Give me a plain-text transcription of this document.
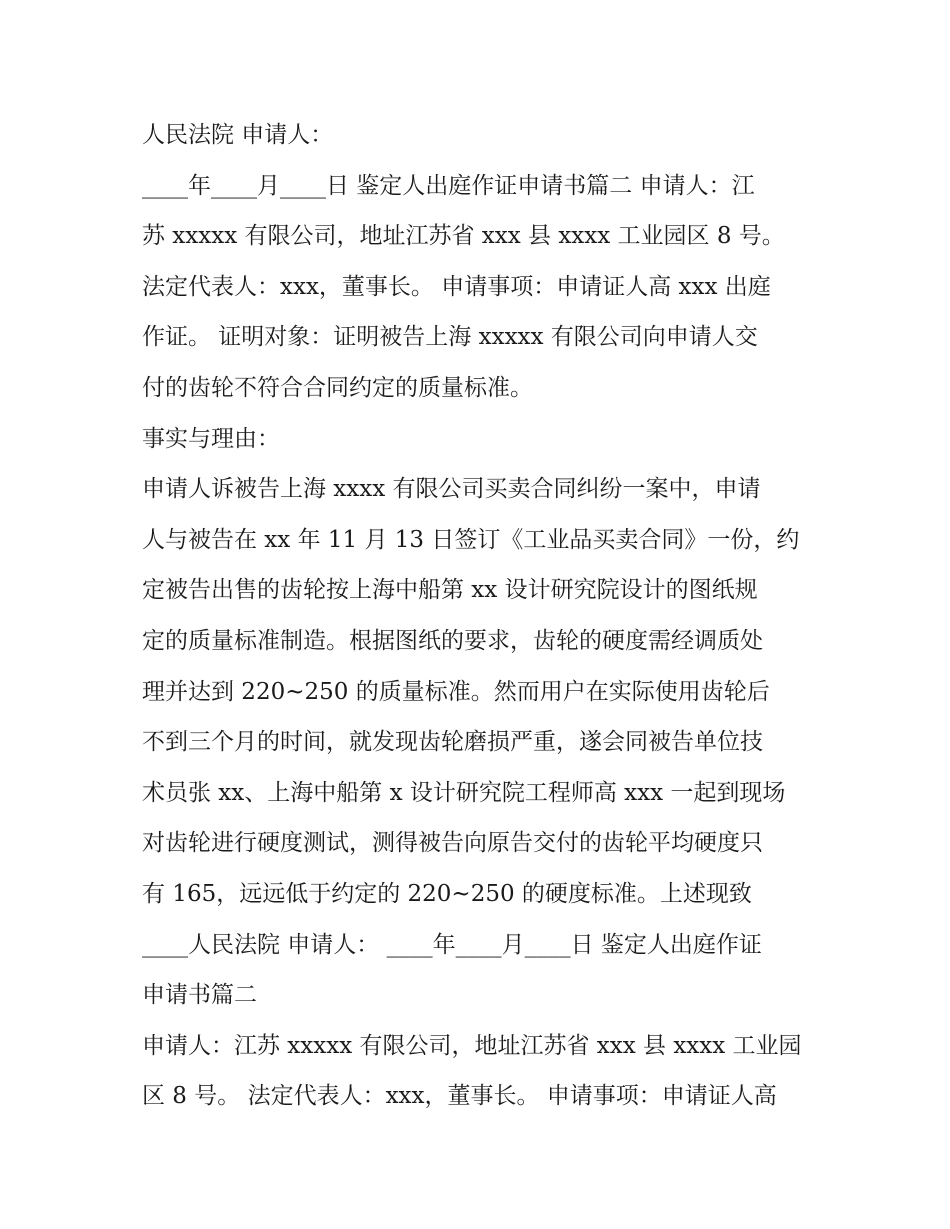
人民法院 申请人：
____年____月____日 鉴定人出庭作证申请书篇二 申请人：江
苏 xxxxx 有限公司，地址江苏省 xxx 县 xxxx 工业园区 8 号。
法定代表人：xxx，董事长。 申请事项：申请证人高 xxx 出庭
作证。 证明对象：证明被告上海 xxxxx 有限公司向申请人交
付的齿轮不符合合同约定的质量标准。
事实与理由：
申请人诉被告上海 xxxx 有限公司买卖合同纠纷一案中，申请
人与被告在 xx 年 11 月 13 日签订《工业品买卖合同》一份，约
定被告出售的齿轮按上海中船第 xx 设计研究院设计的图纸规
定的质量标准制造。根据图纸的要求，齿轮的硬度需经调质处
理并达到 220~250 的质量标准。然而用户在实际使用齿轮后
不到三个月的时间，就发现齿轮磨损严重，遂会同被告单位技
术员张 xx、上海中船第 x 设计研究院工程师高 xxx 一起到现场
对齿轮进行硬度测试，测得被告向原告交付的齿轮平均硬度只
有 165，远远低于约定的 220~250 的硬度标准。上述现致
____人民法院 申请人： ____年____月____日 鉴定人出庭作证
申请书篇二
申请人：江苏 xxxxx 有限公司，地址江苏省 xxx 县 xxxx 工业园
区 8 号。 法定代表人：xxx，董事长。 申请事项：申请证人高
